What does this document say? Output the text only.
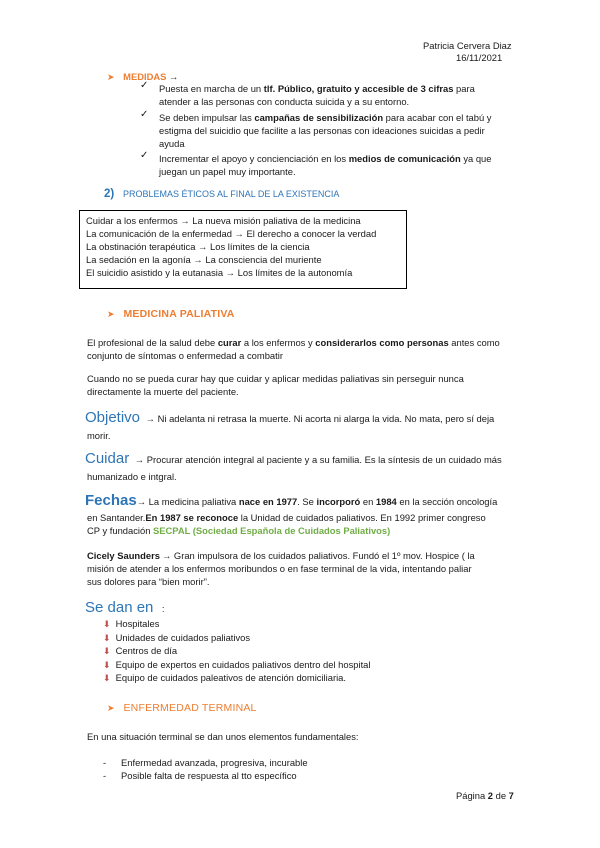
Patricia Cervera Diaz
16/11/2021
➤ MEDIDAS →
✓ Puesta en marcha de un tlf. Público, gratuito y accesible de 3 cifras para
atender a las personas con conducta suicida y a su entorno.
✓ Se deben impulsar las campañas de sensibilización para acabar con el tabú y
estigma del suicidio que facilite a las personas con ideaciones suicidas a pedir
ayuda
✓ Incrementar el apoyo y concienciación en los medios de comunicación ya que
juegan un papel muy importante.
2) PROBLEMAS ÉTICOS AL FINAL DE LA EXISTENCIA
Cuidar a los enfermos → La nueva misión paliativa de la medicina
La comunicación de la enfermedad → El derecho a conocer la verdad
La obstinación terapéutica → Los límites de la ciencia
La sedación en la agonía → La consciencia del muriente
El suicidio asistido y la eutanasia → Los límites de la autonomía
➤ MEDICINA PALIATIVA
El profesional de la salud debe curar a los enfermos y considerarlos como personas antes como
conjunto de síntomas o enfermedad a combatir
Cuando no se pueda curar hay que cuidar y aplicar medidas paliativas sin perseguir nunca
directamente la muerte del paciente.
Objetivo → Ni adelanta ni retrasa la muerte. Ni acorta ni alarga la vida. No mata, pero sí deja
morir.
Cuidar → Procurar atención integral al paciente y a su familia. Es la síntesis de un cuidado más
humanizado e intgral.
Fechas→ La medicina paliativa nace en 1977. Se incorporó en 1984 en la sección oncología
en Santander.En 1987 se reconoce la Unidad de cuidados paliativos. En 1992 primer congreso
CP y fundación SECPAL (Sociedad Española de Cuidados Paliativos)
Cicely Saunders → Gran impulsora de los cuidados paliativos. Fundó el 1º mov. Hospice ( la
misión de atender a los enfermos moribundos o en fase terminal de la vida, intentando paliar
sus dolores para “bien morir”.
Se dan en :
⬇ Hospitales
⬇ Unidades de cuidados paliativos
⬇ Centros de día
⬇ Equipo de expertos en cuidados paliativos dentro del hospital
⬇ Equipo de cuidados paleativos de atención domiciliaria.
➤ ENFERMEDAD TERMINAL
En una situación terminal se dan unos elementos fundamentales:
- Enfermedad avanzada, progresiva, incurable
- Posible falta de respuesta al tto específico
Página 2 de 7
